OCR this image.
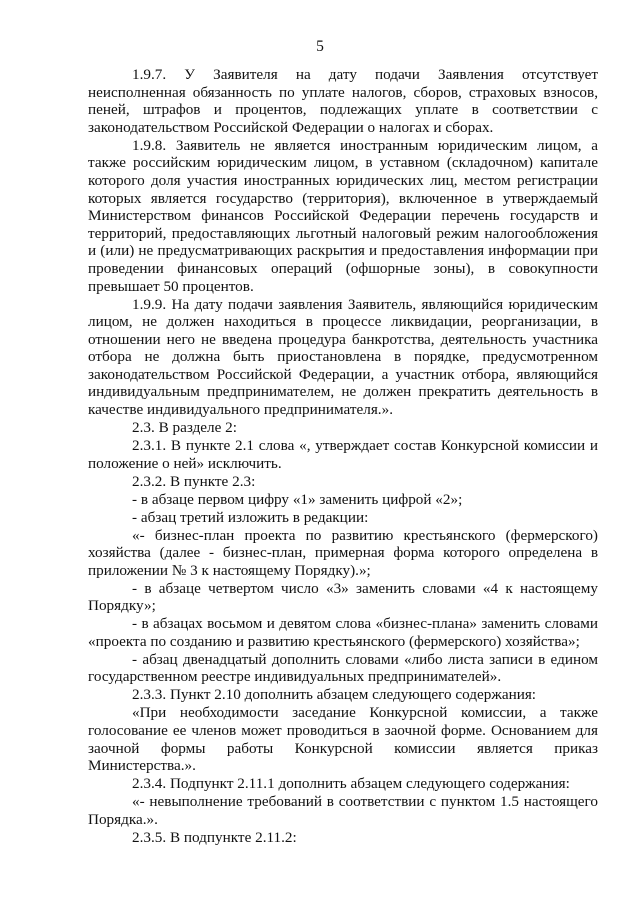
5

1.9.7. У Заявителя на дату подачи Заявления отсутствует неисполненная обязанность по уплате налогов, сборов, страховых взносов, пеней, штрафов и процентов, подлежащих уплате в соответствии с законодательством Российской Федерации о налогах и сборах.

1.9.8. Заявитель не является иностранным юридическим лицом, а также российским юридическим лицом, в уставном (складочном) капитале которого доля участия иностранных юридических лиц, местом регистрации которых является государство (территория), включенное в утверждаемый Министерством финансов Российской Федерации перечень государств и территорий, предоставляющих льготный налоговый режим налогообложения и (или) не предусматривающих раскрытия и предоставления информации при проведении финансовых операций (офшорные зоны), в совокупности превышает 50 процентов.

1.9.9. На дату подачи заявления Заявитель, являющийся юридическим лицом, не должен находиться в процессе ликвидации, реорганизации, в отношении него не введена процедура банкротства, деятельность участника отбора не должна быть приостановлена в порядке, предусмотренном законодательством Российской Федерации, а участник отбора, являющийся индивидуальным предпринимателем, не должен прекратить деятельность в качестве индивидуального предпринимателя.».

2.3. В разделе 2:

2.3.1. В пункте 2.1 слова «, утверждает состав Конкурсной комиссии и положение о ней» исключить.

2.3.2. В пункте 2.3:

- в абзаце первом цифру «1» заменить цифрой «2»;

- абзац третий изложить в редакции:

«- бизнес-план проекта по развитию крестьянского (фермерского) хозяйства (далее - бизнес-план, примерная форма которого определена в приложении № 3 к настоящему Порядку).»;

- в абзаце четвертом число «3» заменить словами «4 к настоящему Порядку»;

- в абзацах восьмом и девятом слова «бизнес-плана» заменить словами «проекта по созданию и развитию крестьянского (фермерского) хозяйства»;

- абзац двенадцатый дополнить словами «либо листа записи в едином государственном реестре индивидуальных предпринимателей».

2.3.3. Пункт 2.10 дополнить абзацем следующего содержания:

«При необходимости заседание Конкурсной комиссии, а также голосование ее членов может проводиться в заочной форме. Основанием для заочной формы работы Конкурсной комиссии является приказ Министерства.».

2.3.4. Подпункт 2.11.1 дополнить абзацем следующего содержания:

«- невыполнение требований в соответствии с пунктом 1.5 настоящего Порядка.».

2.3.5. В подпункте 2.11.2:
